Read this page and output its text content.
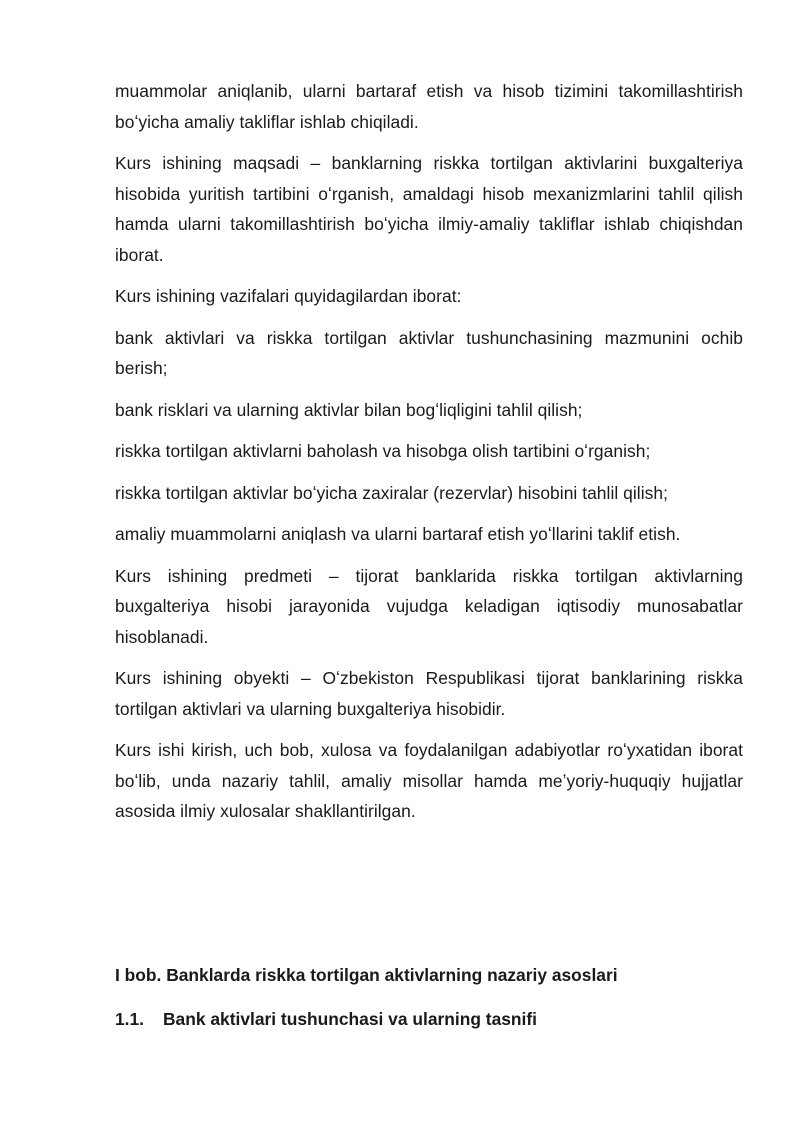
muammolar aniqlanib, ularni bartaraf etish va hisob tizimini takomillashtirish boʻyicha amaliy takliflar ishlab chiqiladi.

Kurs ishining maqsadi – banklarning riskka tortilgan aktivlarini buxgalteriya hisobida yuritish tartibini oʻrganish, amaldagi hisob mexanizmlarini tahlil qilish hamda ularni takomillashtirish boʻyicha ilmiy-amaliy takliflar ishlab chiqishdan iborat.

Kurs ishining vazifalari quyidagilardan iborat:

bank aktivlari va riskka tortilgan aktivlar tushunchasining mazmunini ochib berish;

bank risklari va ularning aktivlar bilan bogʻliqligini tahlil qilish;

riskka tortilgan aktivlarni baholash va hisobga olish tartibini oʻrganish;

riskka tortilgan aktivlar boʻyicha zaxiralar (rezervlar) hisobini tahlil qilish;

amaliy muammolarni aniqlash va ularni bartaraf etish yoʻllarini taklif etish.

Kurs ishining predmeti – tijorat banklarida riskka tortilgan aktivlarning buxgalteriya hisobi jarayonida vujudga keladigan iqtisodiy munosabatlar hisoblanadi.

Kurs ishining obyekti – Oʻzbekiston Respublikasi tijorat banklarining riskka tortilgan aktivlari va ularning buxgalteriya hisobidir.

Kurs ishi kirish, uch bob, xulosa va foydalanilgan adabiyotlar roʻyxatidan iborat boʻlib, unda nazariy tahlil, amaliy misollar hamda meʼyoriy-huquqiy hujjatlar asosida ilmiy xulosalar shakllantirilgan.

I bob. Banklarda riskka tortilgan aktivlarning nazariy asoslari

1.1. Bank aktivlari tushunchasi va ularning tasnifi
